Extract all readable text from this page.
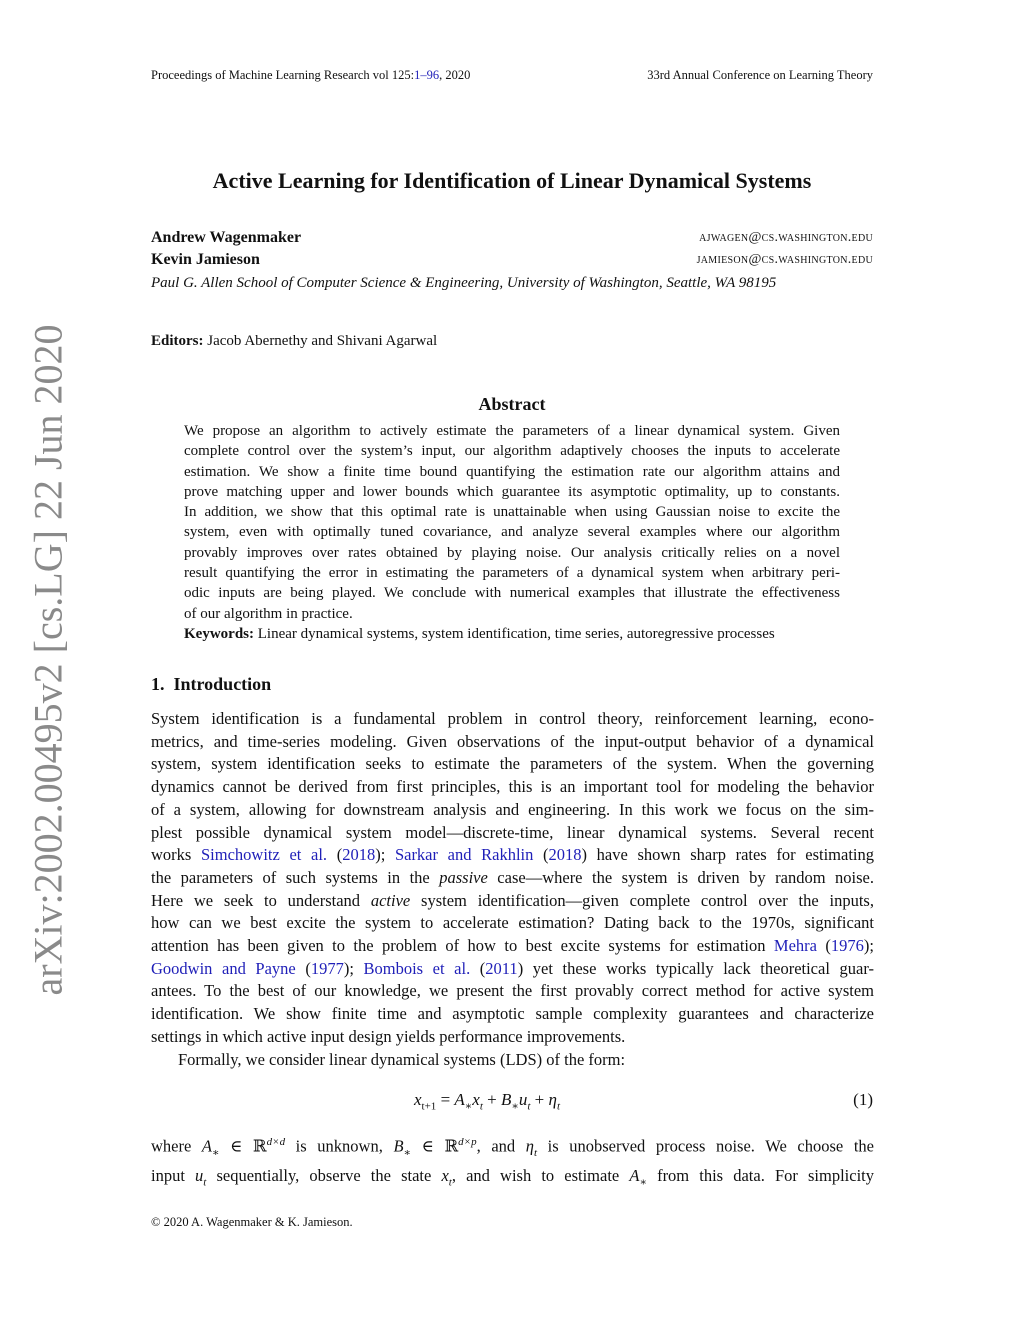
Proceedings of Machine Learning Research vol 125:1–96, 2020	33rd Annual Conference on Learning Theory
Active Learning for Identification of Linear Dynamical Systems
Andrew Wagenmaker	ajwagen@cs.washington.edu
Kevin Jamieson	jamieson@cs.washington.edu
Paul G. Allen School of Computer Science & Engineering, University of Washington, Seattle, WA 98195
Editors: Jacob Abernethy and Shivani Agarwal
arXiv:2002.00495v2 [cs.LG] 22 Jun 2020	Abstract
We propose an algorithm to actively estimate the parameters of a linear dynamical system. Given
complete control over the system’s input, our algorithm adaptively chooses the inputs to accelerate
estimation. We show a finite time bound quantifying the estimation rate our algorithm attains and
prove matching upper and lower bounds which guarantee its asymptotic optimality, up to constants.
In addition, we show that this optimal rate is unattainable when using Gaussian noise to excite the
system, even with optimally tuned covariance, and analyze several examples where our algorithm
provably improves over rates obtained by playing noise. Our analysis critically relies on a novel
result quantifying the error in estimating the parameters of a dynamical system when arbitrary peri-
odic inputs are being played. We conclude with numerical examples that illustrate the effectiveness
of our algorithm in practice.
Keywords: Linear dynamical systems, system identification, time series, autoregressive processes
1. Introduction
System identification is a fundamental problem in control theory, reinforcement learning, econo-
metrics, and time-series modeling. Given observations of the input-output behavior of a dynamical
system, system identification seeks to estimate the parameters of the system. When the governing
dynamics cannot be derived from first principles, this is an important tool for modeling the behavior
of a system, allowing for downstream analysis and engineering. In this work we focus on the sim-
plest possible dynamical system model—discrete-time, linear dynamical systems. Several recent
works Simchowitz et al. (2018); Sarkar and Rakhlin (2018) have shown sharp rates for estimating
the parameters of such systems in the passive case—where the system is driven by random noise.
Here we seek to understand active system identification—given complete control over the inputs,
how can we best excite the system to accelerate estimation? Dating back to the 1970s, significant
attention has been given to the problem of how to best excite systems for estimation Mehra (1976);
Goodwin and Payne (1977); Bombois et al. (2011) yet these works typically lack theoretical guar-
antees. To the best of our knowledge, we present the first provably correct method for active system
identification. We show finite time and asymptotic sample complexity guarantees and characterize
settings in which active input design yields performance improvements.
Formally, we consider linear dynamical systems (LDS) of the form:
$x_{t+1} = A_∗x_t + B_∗u_t + \eta_t$	(1)
where $A_∗$ ∈ ℝ$^{d\times d}$ is unknown, $B_∗$ ∈ ℝ$^{d\times p}$, and $\eta_t$ is unobserved process noise. We choose the
input $u_t$ sequentially, observe the state $x_t$, and wish to estimate $A_∗$ from this data. For simplicity
© 2020 A. Wagenmaker & K. Jamieson.
